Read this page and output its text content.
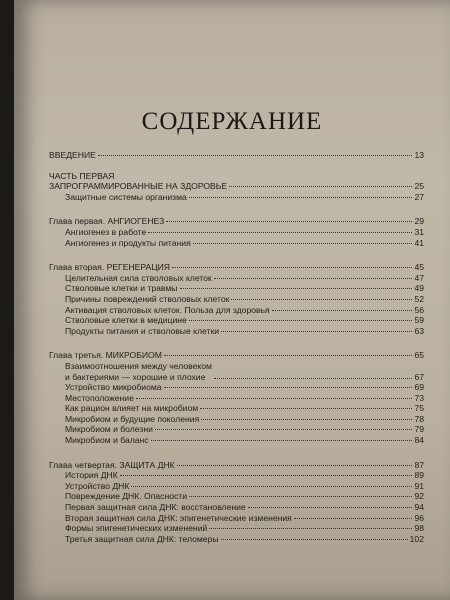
СОДЕРЖАНИЕ
ВВЕДЕНИЕ	13
ЧАСТЬ ПЕРВАЯ
ЗАПРОГРАММИРОВАННЫЕ НА ЗДОРОВЬЕ	25
Защитные системы организма	27
Глава первая. АНГИОГЕНЕЗ	29
Ангиогенез в работе	31
Ангиогенез и продукты питания	41
Глава вторая. РЕГЕНЕРАЦИЯ	45
Целительная сила стволовых клеток	47
Стволовые клетки и травмы	49
Причины повреждений стволовых клеток	52
Активация стволовых клеток. Польза для здоровья	56
Стволовые клетки в медицине	59
Продукты питания и стволовые клетки	63
Глава третья. МИКРОБИОМ	65
Взаимоотношения между человеком
и бактериями — хорошие и плохие	67
Устройство микробиома	69
Местоположение	73
Как рацион влияет на микробиом	75
Микробиом и будущие поколения	78
Микробиом и болезни	79
Микробиом и баланс	84
Глава четвертая. ЗАЩИТА ДНК	87
История ДНК	89
Устройство ДНК	91
Повреждение ДНК. Опасности	92
Первая защитная сила ДНК: восстановление	94
Вторая защитная сила ДНК: эпигенетические изменения	96
Формы эпигенетических изменений	98
Третья защитная сила ДНК: теломеры	102
